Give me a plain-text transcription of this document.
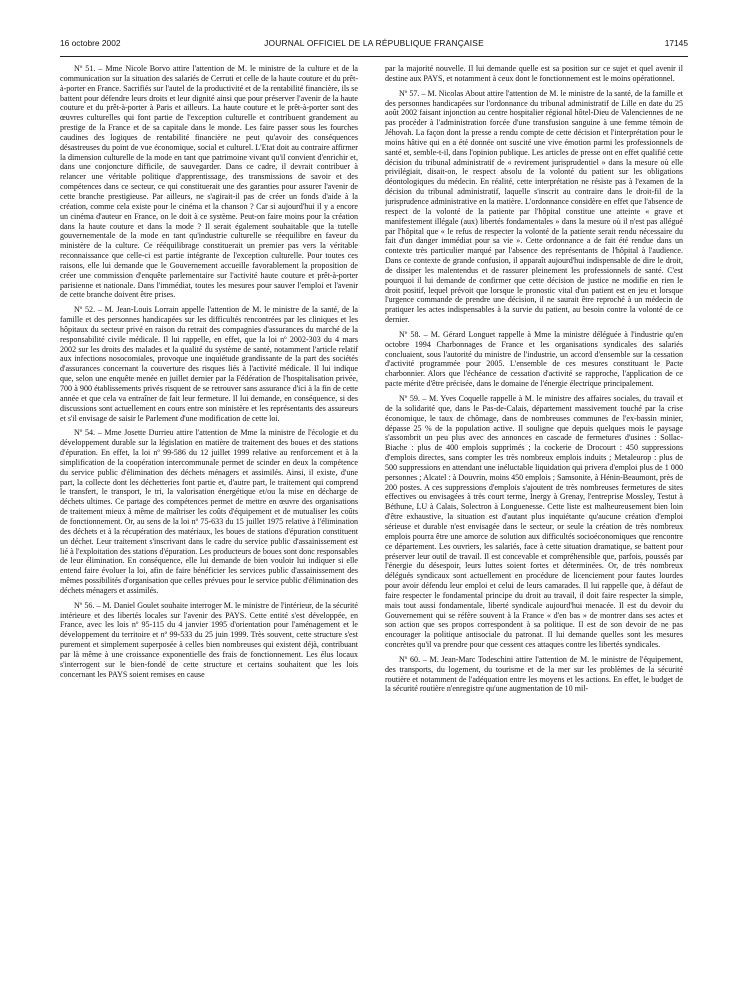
16 octobre 2002	JOURNAL OFFICIEL DE LA RÉPUBLIQUE FRANÇAISE	17145

Nº 51. – Mme Nicole Borvo attire l'attention de M. le ministre de la culture et de la communication sur la situation des salariés de Cerruti et celle de la haute couture et du prêt-à-porter en France. Sacrifiés sur l'autel de la productivité et de la rentabilité financière, ils se battent pour défendre leurs droits et leur dignité ainsi que pour préserver l'avenir de la haute couture et du prêt-à-porter à Paris et ailleurs. La haute couture et le prêt-à-porter sont des œuvres culturelles qui font partie de l'exception culturelle et contribuent grandement au prestige de la France et de sa capitale dans le monde. Les faire passer sous les fourches caudines des logiques de rentabilité financière ne peut qu'avoir des conséquences désastreuses du point de vue économique, social et culturel. L'Etat doit au contraire affirmer la dimension culturelle de la mode en tant que patrimoine vivant qu'il convient d'enrichir et, dans une conjoncture difficile, de sauvegarder. Dans ce cadre, il devrait contribuer à relancer une véritable politique d'apprentissage, des transmissions de savoir et des compétences dans ce secteur, ce qui constituerait une des garanties pour assurer l'avenir de cette branche prestigieuse. Par ailleurs, ne s'agirait-il pas de créer un fonds d'aide à la création, comme cela existe pour le cinéma et la chanson ? Car si aujourd'hui il y a encore un cinéma d'auteur en France, on le doit à ce système. Peut-on faire moins pour la création dans la haute couture et dans la mode ? Il serait également souhaitable que la tutelle gouvernementale de la mode en tant qu'industrie culturelle se réequilibre en faveur du ministère de la culture. Ce rééquilibrage constituerait un premier pas vers la véritable reconnaissance que celle-ci est partie intégrante de l'exception culturelle. Pour toutes ces raisons, elle lui demande que le Gouvernement accueille favorablement la proposition de créer une commission d'enquête parlementaire sur l'activité haute couture et prêt-à-porter parisienne et nationale. Dans l'immédiat, toutes les mesures pour sauver l'emploi et l'avenir de cette branche doivent être prises.

Nº 52. – M. Jean-Louis Lorrain appelle l'attention de M. le ministre de la santé, de la famille et des personnes handicapées sur les difficultés rencontrées par les cliniques et les hôpitaux du secteur privé en raison du retrait des compagnies d'assurances du marché de la responsabilité civile médicale. Il lui rappelle, en effet, que la loi nº 2002-303 du 4 mars 2002 sur les droits des malades et la qualité du système de santé, notamment l'article relatif aux infections nosocomiales, provoque une inquiétude grandissante de la part des sociétés d'assurances concernant la couverture des risques liés à l'activité médicale. Il lui indique que, selon une enquête menée en juillet dernier par la Fédération de l'hospitalisation privée, 700 à 900 établissements privés risquent de se retrouver sans assurance d'ici à la fin de cette année et que cela va entraîner de fait leur fermeture. Il lui demande, en conséquence, si des discussions sont actuellement en cours entre son ministère et les représentants des assureurs et s'il envisage de saisir le Parlement d'une modification de cette loi.

Nº 54. – Mme Josette Durrieu attire l'attention de Mme la ministre de l'écologie et du développement durable sur la législation en matière de traitement des boues et des stations d'épuration. En effet, la loi nº 99-586 du 12 juillet 1999 relative au renforcement et à la simplification de la coopération intercommunale permet de scinder en deux la compétence du service public d'élimination des déchets ménagers et assimilés. Ainsi, il existe, d'une part, la collecte dont les déchetteries font partie et, d'autre part, le traitement qui comprend le transfert, le transport, le tri, la valorisation énergétique et/ou la mise en décharge de déchets ultimes. Ce partage des compétences permet de mettre en œuvre des organisations de traitement mieux à même de maîtriser les coûts d'équipement et de mutualiser les coûts de fonctionnement. Or, au sens de la loi nº 75-633 du 15 juillet 1975 relative à l'élimination des déchets et à la récupération des matériaux, les boues de stations d'épuration constituent un déchet. Leur traitement s'inscrivant dans le cadre du service public d'assainissement est lié à l'exploitation des stations d'épuration. Les producteurs de boues sont donc responsables de leur élimination. En conséquence, elle lui demande de bien vouloir lui indiquer si elle entend faire évoluer la loi, afin de faire bénéficier les services public d'assainissement des mêmes possibilités d'organisation que celles prévues pour le service public d'élimination des déchets ménagers et assimilés.

Nº 56. – M. Daniel Goulet souhaite interroger M. le ministre de l'intérieur, de la sécurité intérieure et des libertés locales sur l'avenir des PAYS. Cette entité s'est développée, en France, avec les lois nº 95-115 du 4 janvier 1995 d'orientation pour l'aménagement et le développement du territoire et nº 99-533 du 25 juin 1999. Très souvent, cette structure s'est purement et simplement superposée à celles bien nombreuses qui existent déjà, contribuant par là même à une croissance exponentielle des frais de fonctionnement. Les élus locaux s'interrogent sur le bien-fondé de cette structure et certains souhaitent que les lois concernant les PAYS soient remises en cause

par la majorité nouvelle. Il lui demande quelle est sa position sur ce sujet et quel avenir il destine aux PAYS, et notamment à ceux dont le fonctionnement est le moins opérationnel.

Nº 57. – M. Nicolas About attire l'attention de M. le ministre de la santé, de la famille et des personnes handicapées sur l'ordonnance du tribunal administratif de Lille en date du 25 août 2002 faisant injonction au centre hospitalier régional hôtel-Dieu de Valenciennes de ne pas procéder à l'administration forcée d'une transfusion sanguine à une femme témoin de Jéhovah. La façon dont la presse a rendu compte de cette décision et l'interprétation pour le moins hâtive qui en a été donnée ont suscité une vive émotion parmi les professionnels de santé et, semble-t-il, dans l'opinion publique. Les articles de presse ont en effet qualifié cette décision du tribunal administratif de « revirement jurisprudentiel » dans la mesure où elle privilégiait, disait-on, le respect absolu de la volonté du patient sur les obligations déontologiques du médecin. En réalité, cette interprétation ne résiste pas à l'examen de la décision du tribunal administratif, laquelle s'inscrit au contraire dans le droit-fil de la jurisprudence administrative en la matière. L'ordonnance considère en effet que l'absence de respect de la volonté de la patiente par l'hôpital constitue une atteinte « grave et manifestement illégale (aux) libertés fondamentales » dans la mesure où il n'est pas allégué par l'hôpital que « le refus de respecter la volonté de la patiente serait rendu nécessaire du fait d'un danger immédiat pour sa vie ». Cette ordonnance a de fait été rendue dans un contexte très particulier marqué par l'absence des représentants de l'hôpital à l'audience. Dans ce contexte de grande confusion, il apparaît aujourd'hui indispensable de dire le droit, de dissiper les malentendus et de rassurer pleinement les professionnels de santé. C'est pourquoi il lui demande de confirmer que cette décision de justice ne modifie en rien le droit positif, lequel prévoit que lorsque le pronostic vital d'un patient est en jeu et lorsque l'urgence commande de prendre une décision, il ne saurait être reproché à un médecin de pratiquer les actes indispensables à la survie du patient, au besoin contre la volonté de ce dernier.

Nº 58. – M. Gérard Longuet rappelle à Mme la ministre déléguée à l'industrie qu'en octobre 1994 Charbonnages de France et les organisations syndicales des salariés concluaient, sous l'autorité du ministre de l'industrie, un accord d'ensemble sur la cessation d'activité programmée pour 2005. L'ensemble de ces mesures constituant le Pacte charbonnier. Alors que l'échéance de cessation d'activité se rapproche, l'application de ce pacte mérite d'être précisée, dans le domaine de l'énergie électrique principalement.

Nº 59. – M. Yves Coquelle rappelle à M. le ministre des affaires sociales, du travail et de la solidarité que, dans le Pas-de-Calais, département massivement touché par la crise économique, le taux de chômage, dans de nombreuses communes de l'ex-bassin minier, dépasse 25 % de la population active. Il souligne que depuis quelques mois le paysage s'assombrit un peu plus avec des annonces en cascade de fermetures d'usines : Sollac-Biache : plus de 400 emplois supprimés ; la cockerie de Drocourt : 450 suppressions d'emplois directes, sans compter les très nombreux emplois induits ; Metaleurop : plus de 500 suppressions en attendant une inéluctable liquidation qui privera d'emploi plus de 1 000 personnes ; Alcatel : à Douvrin, moins 450 emplois ; Samsonite, à Hénin-Beaumont, près de 200 postes. A ces suppressions d'emplois s'ajoutent de très nombreuses fermetures de sites effectives ou envisagées à très court terme, Inergy à Grenay, l'entreprise Mossley, Testut à Béthune, LU à Calais, Solectron à Longuenesse. Cette liste est malheureusement bien loin d'être exhaustive, la situation est d'autant plus inquiétante qu'aucune création d'emploi sérieuse et durable n'est envisagée dans le secteur, or seule la création de très nombreux emplois pourra être une amorce de solution aux difficultés socioéconomiques que rencontre ce département. Les ouvriers, les salariés, face à cette situation dramatique, se battent pour préserver leur outil de travail. Il est concevable et compréhensible que, parfois, poussés par l'énergie du désespoir, leurs luttes soient fortes et déterminées. Or, de très nombreux délégués syndicaux sont actuellement en procédure de licenciement pour fautes lourdes pour avoir défendu leur emploi et celui de leurs camarades. Il lui rappelle que, à défaut de faire respecter le fondamental principe du droit au travail, il doit faire respecter la simple, mais tout aussi fondamentale, liberté syndicale aujourd'hui menacée. Il est du devoir du Gouvernement qui se réfère souvent à la France « d'en bas » de montrer dans ses actes et son action que ses propos correspondent à sa politique. Il est de son devoir de ne pas encourager la politique antisociale du patronat. Il lui demande quelles sont les mesures concrètes qu'il va prendre pour que cessent ces attaques contre les libertés syndicales.

Nº 60. – M. Jean-Marc Todeschini attire l'attention de M. le ministre de l'équipement, des transports, du logement, du tourisme et de la mer sur les problèmes de la sécurité routière et notamment de l'adéquation entre les moyens et les actions. En effet, le budget de la sécurité routière n'enregistre qu'une augmentation de 10 mil-
